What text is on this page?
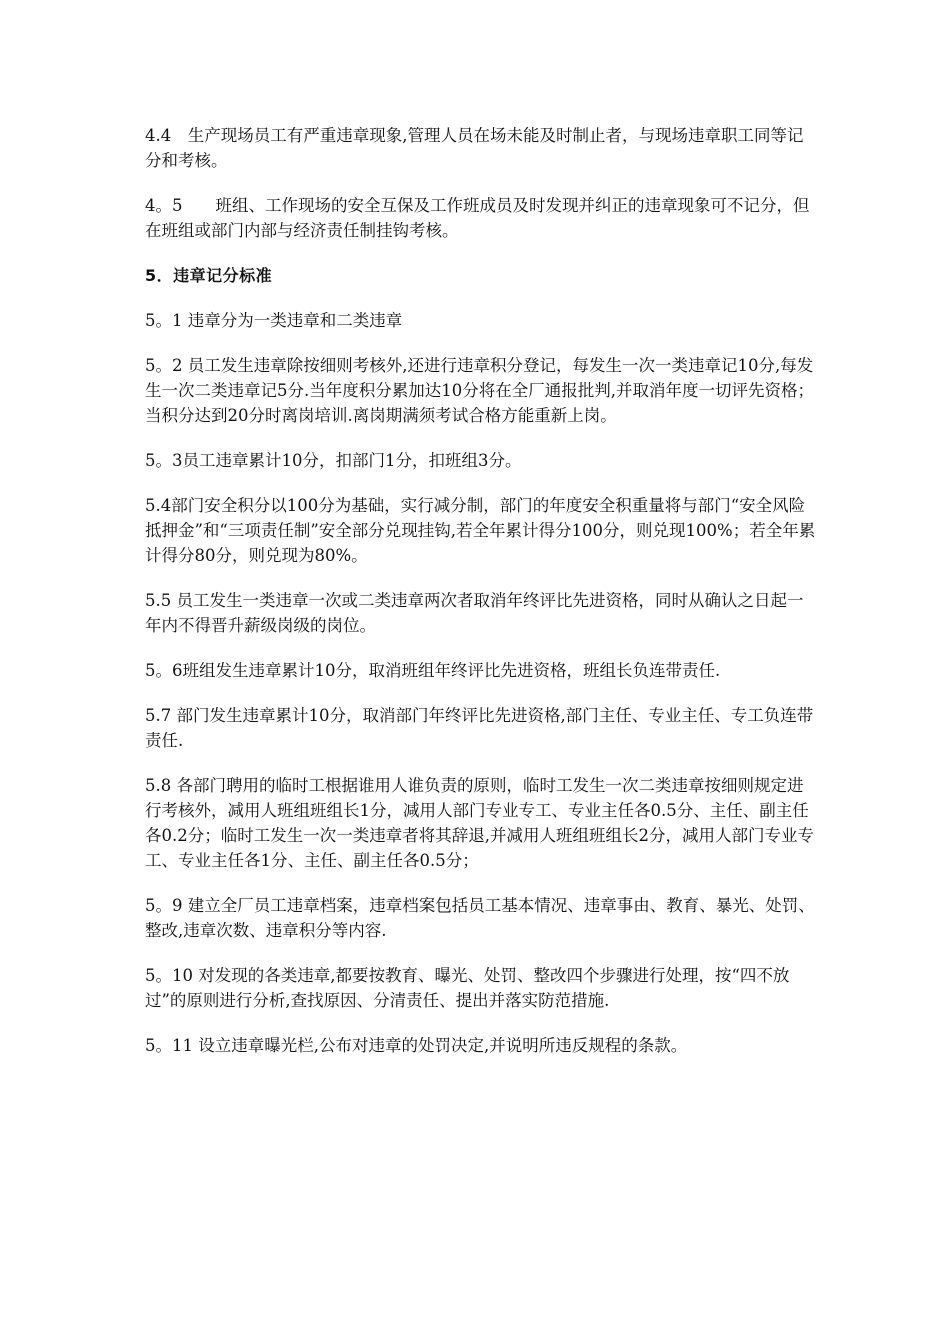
4.4　生产现场员工有严重违章现象,管理人员在场未能及时制止者，与现场违章职工同等记分和考核。

4。5　　班组、工作现场的安全互保及工作班成员及时发现并纠正的违章现象可不记分，但在班组或部门内部与经济责任制挂钩考核。

5．违章记分标准

5。1 违章分为一类违章和二类违章

5。2 员工发生违章除按细则考核外,还进行违章积分登记，每发生一次一类违章记10分,每发生一次二类违章记5分.当年度积分累加达10分将在全厂通报批判,并取消年度一切评先资格；当积分达到20分时离岗培训.离岗期满须考试合格方能重新上岗。

5。3员工违章累计10分，扣部门1分，扣班组3分。

5.4部门安全积分以100分为基础，实行减分制，部门的年度安全积重量将与部门“安全风险抵押金”和“三项责任制”安全部分兑现挂钩,若全年累计得分100分，则兑现100%；若全年累计得分80分，则兑现为80%。

5.5 员工发生一类违章一次或二类违章两次者取消年终评比先进资格，同时从确认之日起一年内不得晋升薪级岗级的岗位。

5。6班组发生违章累计10分，取消班组年终评比先进资格，班组长负连带责任.

5.7 部门发生违章累计10分，取消部门年终评比先进资格,部门主任、专业主任、专工负连带责任.

5.8 各部门聘用的临时工根据谁用人谁负责的原则，临时工发生一次二类违章按细则规定进行考核外，减用人班组班组长1分，减用人部门专业专工、专业主任各0.5分、主任、副主任各0.2分；临时工发生一次一类违章者将其辞退,并减用人班组班组长2分，减用人部门专业专工、专业主任各1分、主任、副主任各0.5分；

5。9 建立全厂员工违章档案，违章档案包括员工基本情况、违章事由、教育、暴光、处罚、整改,违章次数、违章积分等内容.

5。10 对发现的各类违章,都要按教育、曝光、处罚、整改四个步骤进行处理，按“四不放过”的原则进行分析,查找原因、分清责任、提出并落实防范措施.

5。11 设立违章曝光栏,公布对违章的处罚决定,并说明所违反规程的条款。
